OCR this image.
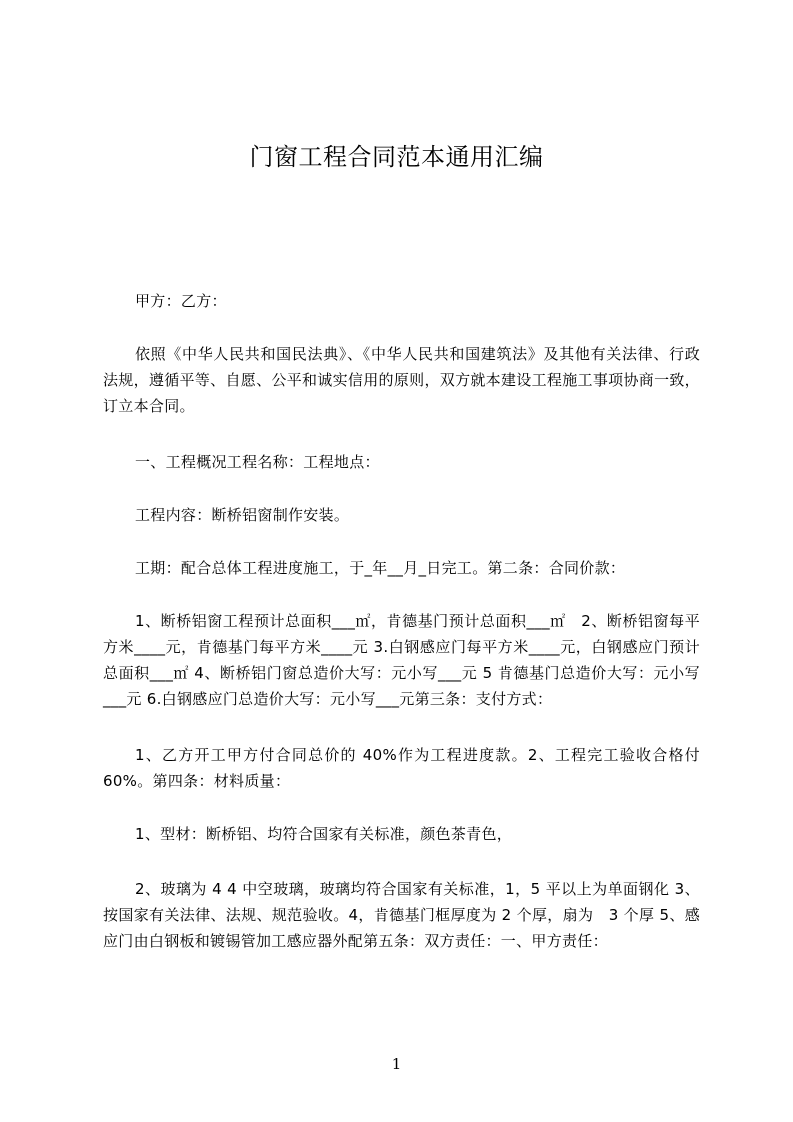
门窗工程合同范本通用汇编
甲方：乙方：
依照《中华人民共和国民法典》、《中华人民共和国建筑法》及其他有关法律、行政法规，遵循平等、自愿、公平和诚实信用的原则，双方就本建设工程施工事项协商一致，订立本合同。
一、工程概况工程名称：工程地点：
工程内容：断桥铝窗制作安装。
工期：配合总体工程进度施工，于_年__月_日完工。第二条：合同价款：
1、断桥铝窗工程预计总面积___㎡，肯德基门预计总面积___㎡　2、断桥铝窗每平方米____元，肯德基门每平方米____元 3.白钢感应门每平方米____元，白钢感应门预计总面积___㎡ 4、断桥铝门窗总造价大写：元小写___元 5 肯德基门总造价大写：元小写___元 6.白钢感应门总造价大写：元小写___元第三条：支付方式：
1、乙方开工甲方付合同总价的 40%作为工程进度款。2、工程完工验收合格付 60%。第四条：材料质量：
1、型材：断桥铝、均符合国家有关标准，颜色茶青色，
2、玻璃为 4 4 中空玻璃，玻璃均符合国家有关标准，1，5 平以上为单面钢化 3、按国家有关法律、法规、规范验收。4，肯德基门框厚度为 2 个厚，扇为　3 个厚 5、感应门由白钢板和镀锡管加工感应器外配第五条：双方责任：一、甲方责任：
1
